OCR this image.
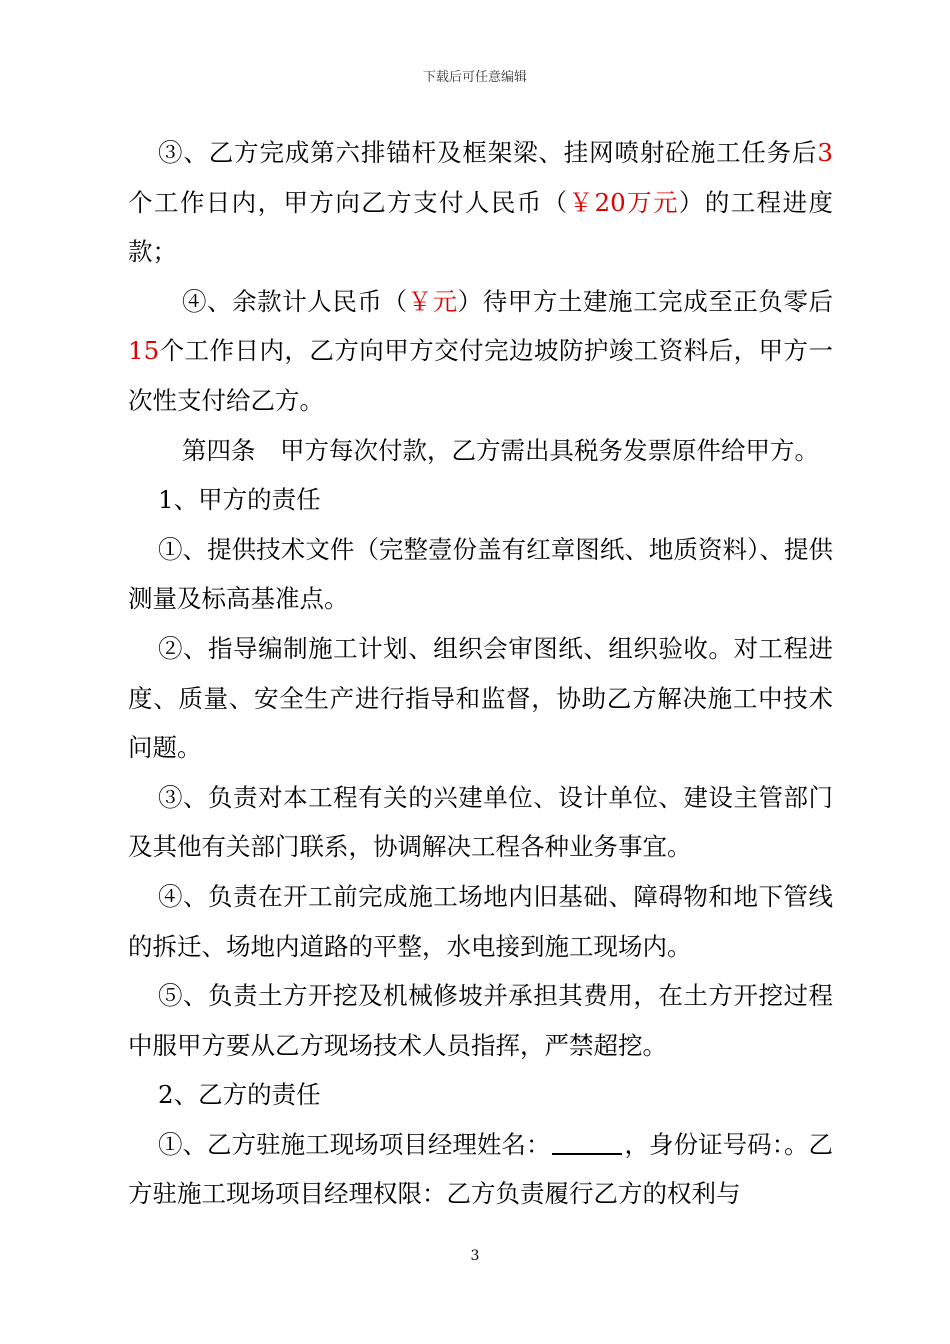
下载后可任意编辑

③、乙方完成第六排锚杆及框架梁、挂网喷射砼施工任务后3个工作日内，甲方向乙方支付人民币（￥20万元）的工程进度款；

④、余款计人民币（￥元）待甲方土建施工完成至正负零后15个工作日内，乙方向甲方交付完边坡防护竣工资料后，甲方一次性支付给乙方。

第四条　甲方每次付款，乙方需出具税务发票原件给甲方。

1、甲方的责任

①、提供技术文件（完整壹份盖有红章图纸、地质资料）、提供测量及标高基准点。

②、指导编制施工计划、组织会审图纸、组织验收。对工程进度、质量、安全生产进行指导和监督，协助乙方解决施工中技术问题。

③、负责对本工程有关的兴建单位、设计单位、建设主管部门及其他有关部门联系，协调解决工程各种业务事宜。

④、负责在开工前完成施工场地内旧基础、障碍物和地下管线的拆迁、场地内道路的平整，水电接到施工现场内。

⑤、负责土方开挖及机械修坡并承担其费用，在土方开挖过程中服甲方要从乙方现场技术人员指挥，严禁超挖。

2、乙方的责任

①、乙方驻施工现场项目经理姓名：	，身份证号码：。乙方驻施工现场项目经理权限：乙方负责履行乙方的权利与

3
